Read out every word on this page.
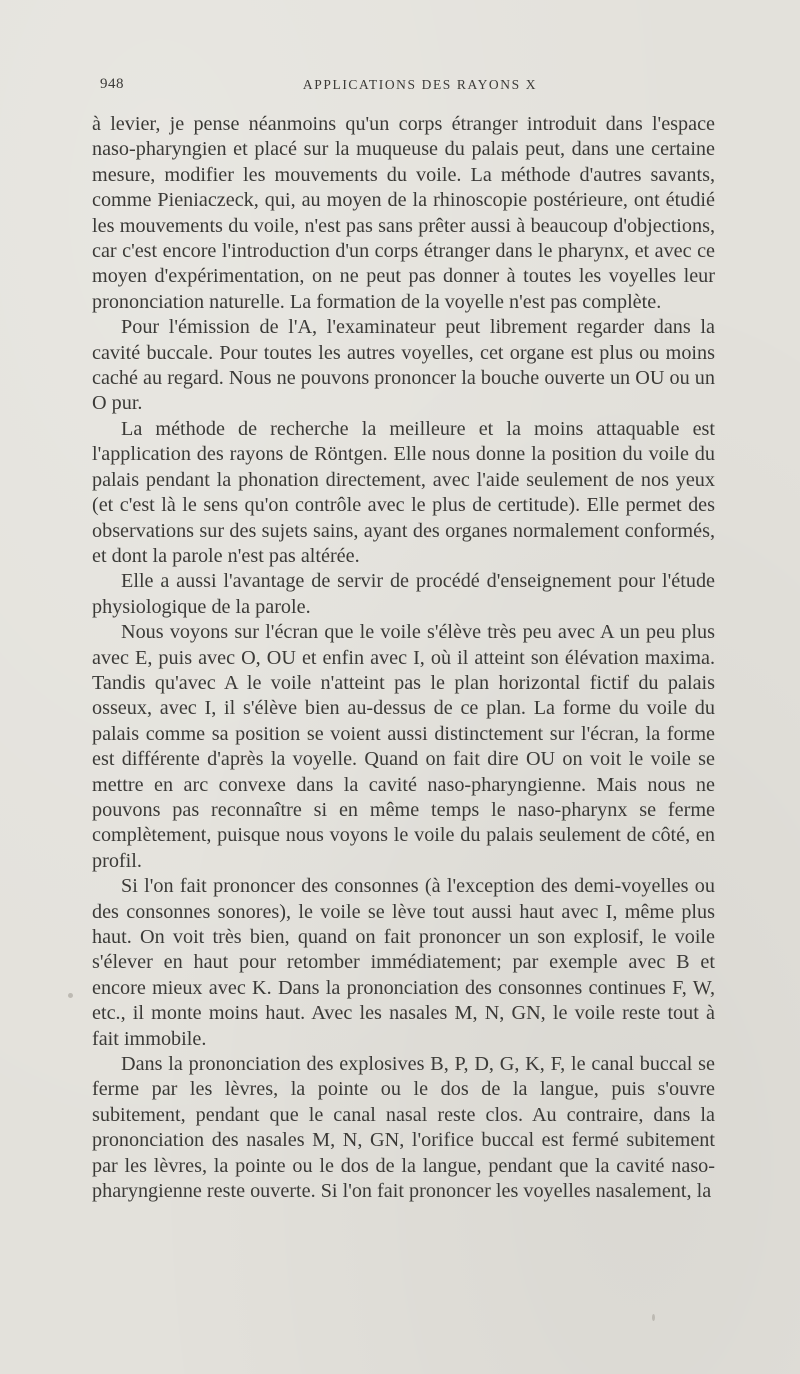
948	APPLICATIONS DES RAYONS X

à levier, je pense néanmoins qu'un corps étranger introduit dans l'espace naso-pharyngien et placé sur la muqueuse du palais peut, dans une certaine mesure, modifier les mouvements du voile. La méthode d'autres savants, comme Pieniaczeck, qui, au moyen de la rhinoscopie postérieure, ont étudié les mouvements du voile, n'est pas sans prêter aussi à beaucoup d'objections, car c'est encore l'introduction d'un corps étranger dans le pharynx, et avec ce moyen d'expérimentation, on ne peut pas donner à toutes les voyelles leur prononciation naturelle. La formation de la voyelle n'est pas complète.

Pour l'émission de l'A, l'examinateur peut librement regarder dans la cavité buccale. Pour toutes les autres voyelles, cet organe est plus ou moins caché au regard. Nous ne pouvons prononcer la bouche ouverte un OU ou un O pur.

La méthode de recherche la meilleure et la moins attaquable est l'application des rayons de Röntgen. Elle nous donne la position du voile du palais pendant la phonation directement, avec l'aide seulement de nos yeux (et c'est là le sens qu'on contrôle avec le plus de certitude). Elle permet des observations sur des sujets sains, ayant des organes normalement conformés, et dont la parole n'est pas altérée.

Elle a aussi l'avantage de servir de procédé d'enseignement pour l'étude physiologique de la parole.

Nous voyons sur l'écran que le voile s'élève très peu avec A un peu plus avec E, puis avec O, OU et enfin avec I, où il atteint son élévation maxima. Tandis qu'avec A le voile n'atteint pas le plan horizontal fictif du palais osseux, avec I, il s'élève bien au-dessus de ce plan. La forme du voile du palais comme sa position se voient aussi distinctement sur l'écran, la forme est différente d'après la voyelle. Quand on fait dire OU on voit le voile se mettre en arc convexe dans la cavité naso-pharyngienne. Mais nous ne pouvons pas reconnaître si en même temps le naso-pharynx se ferme complètement, puisque nous voyons le voile du palais seulement de côté, en profil.

Si l'on fait prononcer des consonnes (à l'exception des demi-voyelles ou des consonnes sonores), le voile se lève tout aussi haut avec I, même plus haut. On voit très bien, quand on fait prononcer un son explosif, le voile s'élever en haut pour retomber immédiatement; par exemple avec B et encore mieux avec K. Dans la prononciation des consonnes continues F, W, etc., il monte moins haut. Avec les nasales M, N, GN, le voile reste tout à fait immobile.

Dans la prononciation des explosives B, P, D, G, K, F, le canal buccal se ferme par les lèvres, la pointe ou le dos de la langue, puis s'ouvre subitement, pendant que le canal nasal reste clos. Au contraire, dans la prononciation des nasales M, N, GN, l'orifice buccal est fermé subitement par les lèvres, la pointe ou le dos de la langue, pendant que la cavité naso-pharyngienne reste ouverte. Si l'on fait prononcer les voyelles nasalement, la
